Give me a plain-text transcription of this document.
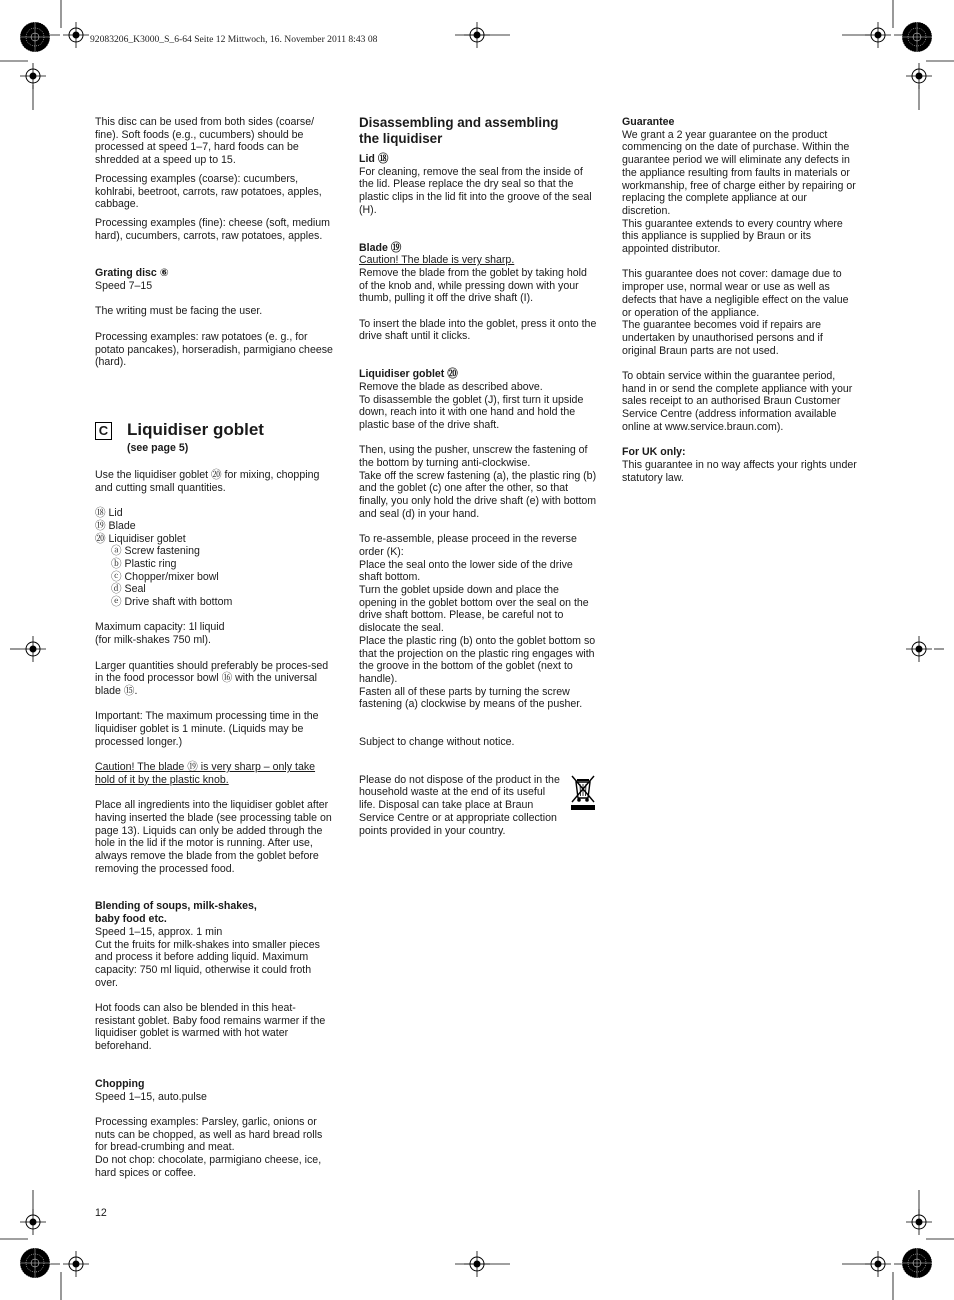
92083206_K3000_S_6-64 Seite 12 Mittwoch, 16. November 2011 8:43 08

This disc can be used from both sides (coarse/ fine). Soft foods (e.g., cucumbers) should be processed at speed 1–7, hard foods can be shredded at a speed up to 15.

Processing examples (coarse): cucumbers, kohlrabi, beetroot, carrots, raw potatoes, apples, cabbage.

Processing examples (fine): cheese (soft, medium hard), cucumbers, carrots, raw potatoes, apples.

Grating disc ⑥

Speed 7–15

The writing must be facing the user.

Processing examples: raw potatoes (e. g., for potato pancakes), horseradish, parmigiano cheese (hard).

C Liquidiser goblet
(see page 5)

Use the liquidiser goblet ⑳ for mixing, chopping and cutting small quantities.

⑱ Lid

⑲ Blade

⑳ Liquidiser goblet

ⓐ Screw fastening

ⓑ Plastic ring

ⓒ Chopper/mixer bowl

ⓓ Seal

ⓔ Drive shaft with bottom

Maximum capacity: 1l liquid

(for milk-shakes 750 ml).

Larger quantities should preferably be proces-sed in the food processor bowl ⑯ with the universal blade ⑮.

Important: The maximum processing time in the liquidiser goblet is 1 minute. (Liquids may be processed longer.)

Caution! The blade ⑲ is very sharp – only take hold of it by the plastic knob.

Place all ingredients into the liquidiser goblet after having inserted the blade (see processing table on page 13). Liquids can only be added through the hole in the lid if the motor is running. After use, always remove the blade from the goblet before removing the processed food.

Blending of soups, milk-shakes,

baby food etc.

Speed 1–15, approx. 1 min

Cut the fruits for milk-shakes into smaller pieces and process it before adding liquid. Maximum capacity: 750 ml liquid, otherwise it could froth over.

Hot foods can also be blended in this heat-resistant goblet. Baby food remains warmer if the liquidiser goblet is warmed with hot water beforehand.

Chopping

Speed 1–15, auto.pulse

Processing examples: Parsley, garlic, onions or nuts can be chopped, as well as hard bread rolls for bread-crumbing and meat.

Do not chop: chocolate, parmigiano cheese, ice, hard spices or coffee.

12

Disassembling and assembling

the liquidiser

Lid ⑱

For cleaning, remove the seal from the inside of the lid. Please replace the dry seal so that the plastic clips in the lid fit into the groove of the seal (H).

Blade ⑲

Caution! The blade is very sharp.

Remove the blade from the goblet by taking hold of the knob and, while pressing down with your thumb, pulling it off the drive shaft (I).

To insert the blade into the goblet, press it onto the drive shaft until it clicks.

Liquidiser goblet ⑳

Remove the blade as described above.

To disassemble the goblet (J), first turn it upside down, reach into it with one hand and hold the plastic base of the drive shaft.

Then, using the pusher, unscrew the fastening of the bottom by turning anti-clockwise.

Take off the screw fastening (a), the plastic ring (b) and the goblet (c) one after the other, so that finally, you only hold the drive shaft (e) with bottom and seal (d) in your hand.

To re-assemble, please proceed in the reverse order (K):

Place the seal onto the lower side of the drive shaft bottom.

Turn the goblet upside down and place the opening in the goblet bottom over the seal on the drive shaft bottom. Please, be careful not to dislocate the seal.

Place the plastic ring (b) onto the goblet bottom so that the projection on the plastic ring engages with the groove in the bottom of the goblet (next to handle).

Fasten all of these parts by turning the screw fastening (a) clockwise by means of the pusher.

Subject to change without notice.

Please do not dispose of the product in the household waste at the end of its useful life. Disposal can take place at Braun Service Centre or at appropriate collection points provided in your country.

Guarantee

We grant a 2 year guarantee on the product commencing on the date of purchase. Within the guarantee period we will eliminate any defects in the appliance resulting from faults in materials or workmanship, free of charge either by repairing or replacing the complete appliance at our discretion.

This guarantee extends to every country where this appliance is supplied by Braun or its appointed distributor.

This guarantee does not cover: damage due to improper use, normal wear or use as well as defects that have a negligible effect on the value or operation of the appliance.

The guarantee becomes void if repairs are undertaken by unauthorised persons and if original Braun parts are not used.

To obtain service within the guarantee period, hand in or send the complete appliance with your sales receipt to an authorised Braun Customer Service Centre (address information available online at www.service.braun.com).

For UK only:

This guarantee in no way affects your rights under statutory law.
